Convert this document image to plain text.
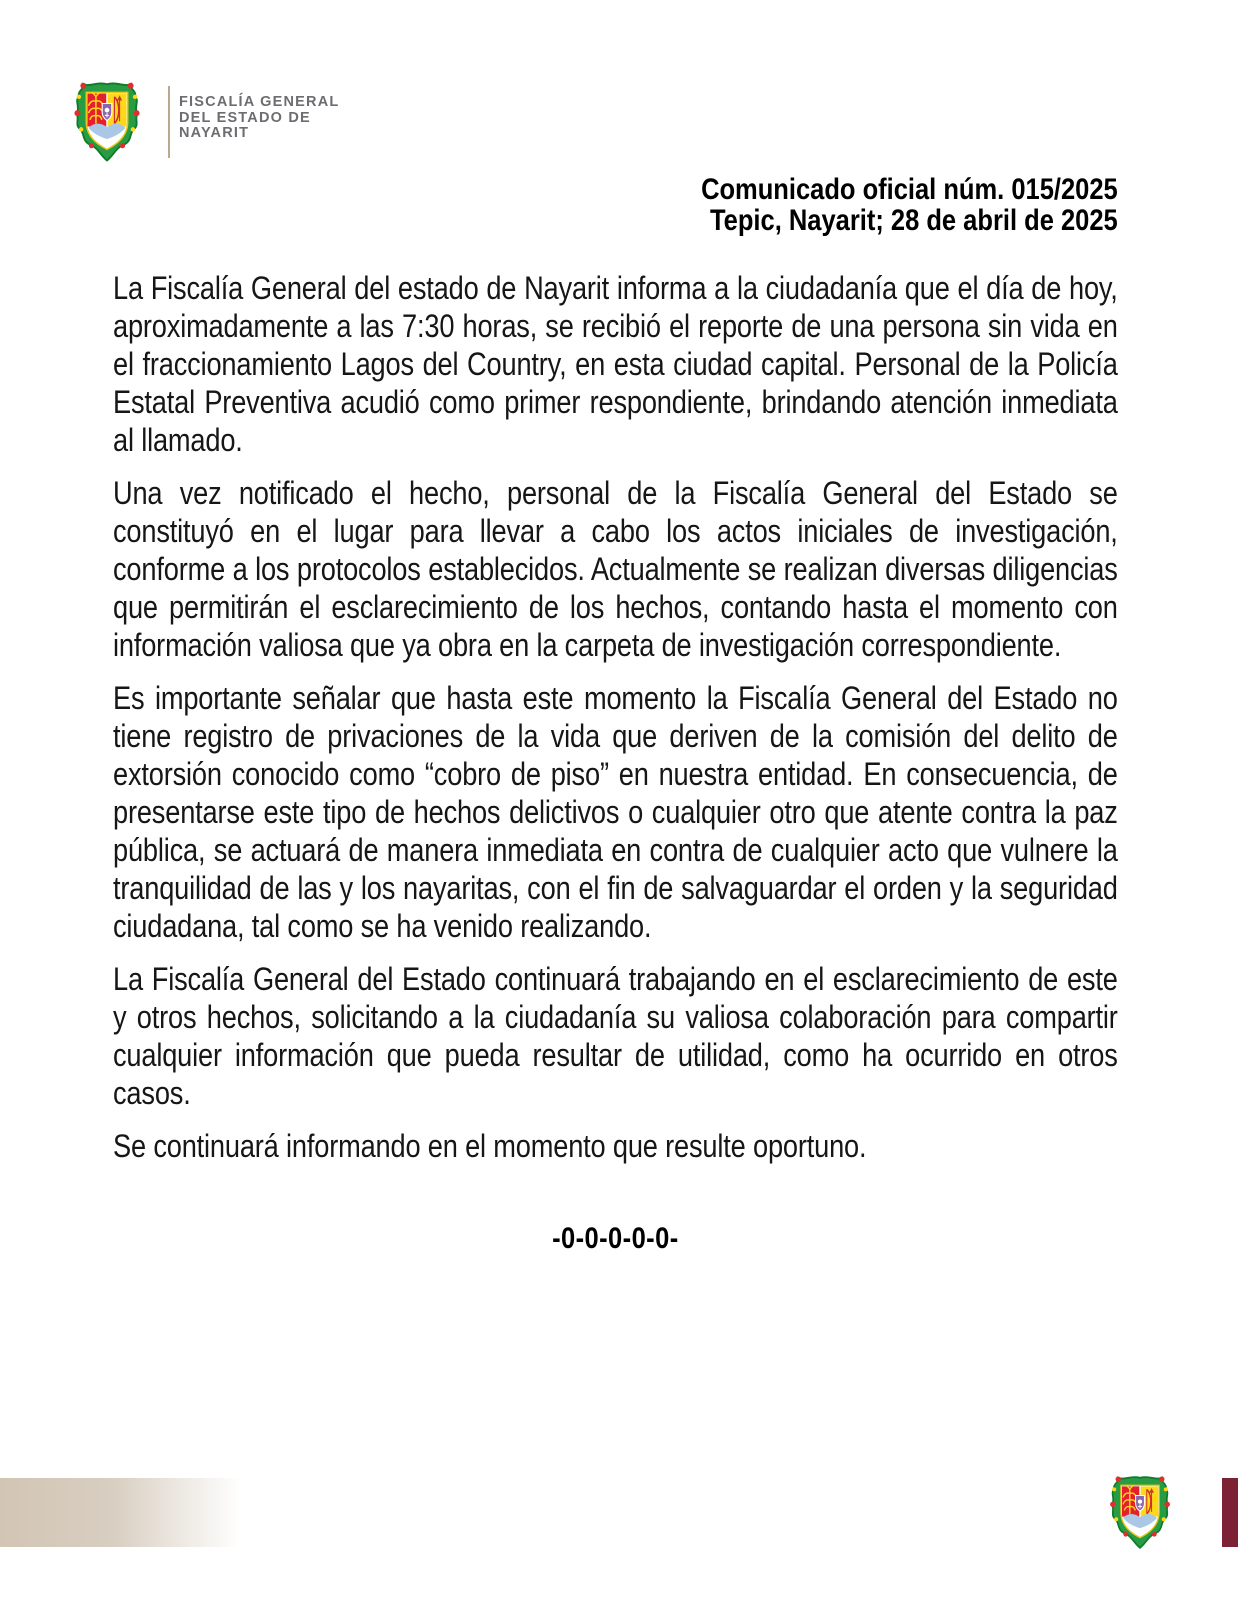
FISCALÍA GENERAL
DEL ESTADO DE
NAYARIT
Comunicado oficial núm. 015/2025
Tepic, Nayarit; 28 de abril de 2025

La Fiscalía General del estado de Nayarit informa a la ciudadanía que el día de hoy, aproximadamente a las 7:30 horas, se recibió el reporte de una persona sin vida en el fraccionamiento Lagos del Country, en esta ciudad capital. Personal de la Policía Estatal Preventiva acudió como primer respondiente, brindando atención inmediata al llamado.

Una vez notificado el hecho, personal de la Fiscalía General del Estado se constituyó en el lugar para llevar a cabo los actos iniciales de investigación, conforme a los protocolos establecidos. Actualmente se realizan diversas diligencias que permitirán el esclarecimiento de los hechos, contando hasta el momento con información valiosa que ya obra en la carpeta de investigación correspondiente.

Es importante señalar que hasta este momento la Fiscalía General del Estado no tiene registro de privaciones de la vida que deriven de la comisión del delito de extorsión conocido como “cobro de piso” en nuestra entidad. En consecuencia, de presentarse este tipo de hechos delictivos o cualquier otro que atente contra la paz pública, se actuará de manera inmediata en contra de cualquier acto que vulnere la tranquilidad de las y los nayaritas, con el fin de salvaguardar el orden y la seguridad ciudadana, tal como se ha venido realizando.

La Fiscalía General del Estado continuará trabajando en el esclarecimiento de este y otros hechos, solicitando a la ciudadanía su valiosa colaboración para compartir cualquier información que pueda resultar de utilidad, como ha ocurrido en otros casos.

Se continuará informando en el momento que resulte oportuno.

-0-0-0-0-0-
